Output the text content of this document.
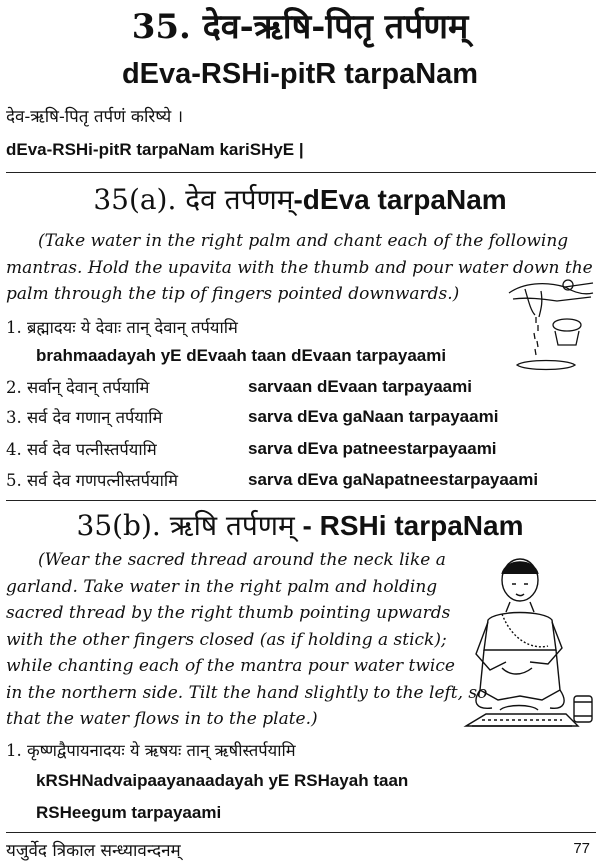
35. देव-ऋषि-पितृ तर्पणम्
dEva-RSHi-pitR tarpaNam
देव-ऋषि-पितृ तर्पणं करिष्ये ।
dEva-RSHi-pitR tarpaNam kariSHyE |
35(a). देव तर्पणम्-dEva tarpaNam
(Take water in the right palm and chant each of the following
mantras. Hold the upavita with the thumb and pour water down the
palm through the tip of fingers pointed downwards.)
1. ब्रह्मादयः ये देवाः तान् देवान् तर्पयामि
brahmaadayah yE dEvaah taan dEvaan tarpayaami
2. सर्वान् देवान् तर्पयामि	sarvaan dEvaan tarpayaami
3. सर्व देव गणान् तर्पयामि	sarva dEva gaNaan tarpayaami
4. सर्व देव पत्नीस्तर्पयामि	sarva dEva patneestarpayaami
5. सर्व देव गणपत्नीस्तर्पयामि	sarva dEva gaNapatneestarpayaami
35(b). ऋषि तर्पणम् - RSHi tarpaNam
(Wear the sacred thread around the neck like a
garland. Take water in the right palm and holding
sacred thread by the right thumb pointing upwards
with the other fingers closed (as if holding a stick);
while chanting each of the mantra pour water twice
in the northern side. Tilt the hand slightly to the left, so
that the water flows in to the plate.)
1. कृष्णद्वैपायनादयः ये ऋषयः तान् ऋषीस्तर्पयामि
kRSHNadvaipaayanaadayah yE RSHayah taan
RSHeegum tarpayaami
यजुर्वेद त्रिकाल सन्ध्यावन्दनम्	77
